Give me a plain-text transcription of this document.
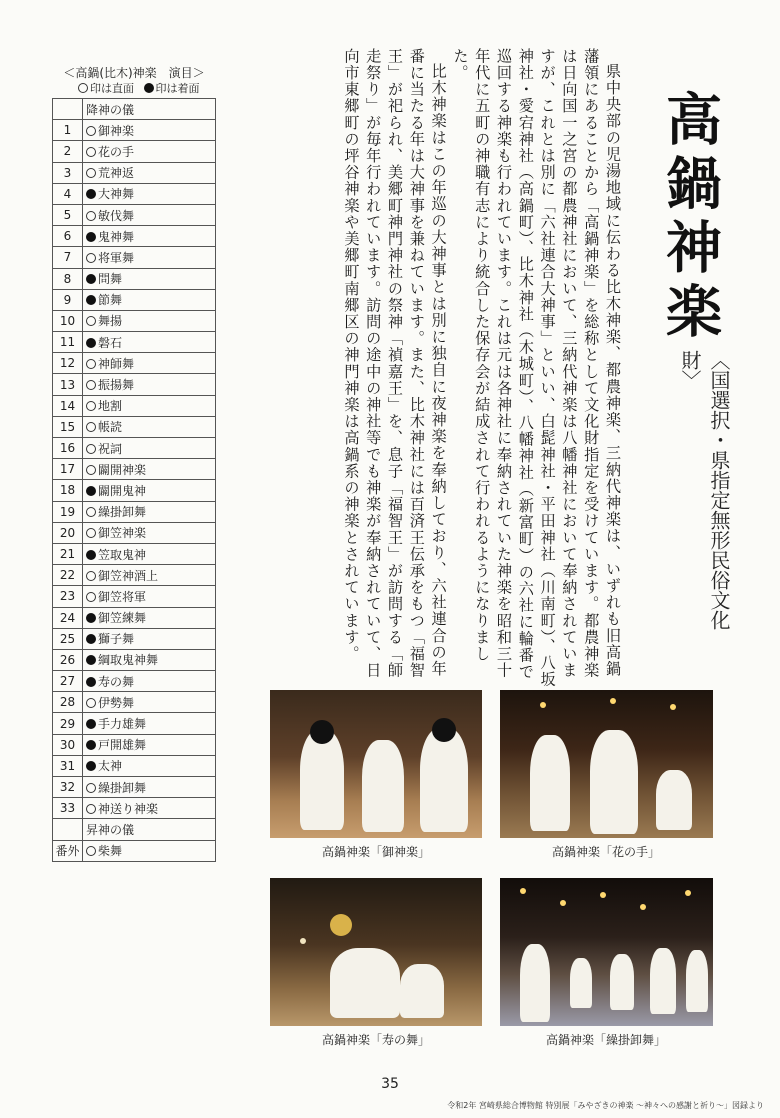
＜高鍋(比木)神楽　演目＞
印は直面 印は着面
	降神の儀
1	御神楽
2	花の手
3	荒神返
4	大神舞
5	敏伐舞
6	鬼神舞
7	将軍舞
8	問舞
9	節舞
10	舞揚
11	磐石
12	神師舞
13	振揚舞
14	地割
15	帳読
16	祝詞
17	闢開神楽
18	闢開鬼神
19	繰掛卸舞
20	御笠神楽
21	笠取鬼神
22	御笠神酒上
23	御笠将軍
24	御笠練舞
25	獅子舞
26	綱取鬼神舞
27	寿の舞
28	伊勢舞
29	手力雄舞
30	戸開雄舞
31	太神
32	繰掛卸舞
33	神送り神楽
	昇神の儀
番外	柴舞
高鍋神楽
〈国選択・県指定無形民俗文化財〉

県中央部の児湯地域に伝わる比木神楽、都農神楽、三納代神楽は、いずれも旧高鍋藩領にあることから「高鍋神楽」を総称として文化財指定を受けています。都農神楽は日向国一之宮の都農神社において、三納代神楽は八幡神社において奉納されていますが、これとは別に「六社連合大神事」といい、白髭神社・平田神社（川南町）、八坂神社・愛宕神社（高鍋町）、比木神社（木城町）、八幡神社（新富町）の六社に輪番で巡回する神楽も行われています。これは元は各神社に奉納されていた神楽を昭和三十年代に五町の神職有志により統合した保存会が結成されて行われるようになりました。

比木神楽はこの年巡の大神事とは別に独自に夜神楽を奉納しており、六社連合の年番に当たる年は大神事を兼ねています。また、比木神社には百済王伝承をもつ「福智王」が祀られ、美郷町神門神社の祭神「禎嘉王」を、息子「福智王」が訪問する「師走祭り」が毎年行われています。訪問の途中の神社等でも神楽が奉納されていて、日向市東郷町の坪谷神楽や美郷町南郷区の神門神楽は高鍋系の神楽とされています。

高鍋神楽「御神楽」	高鍋神楽「花の手」
高鍋神楽「寿の舞」	高鍋神楽「繰掛卸舞」
35
令和2年 宮崎県総合博物館 特別展「みやざきの神楽 ～神々への感謝と祈り～」図録より
